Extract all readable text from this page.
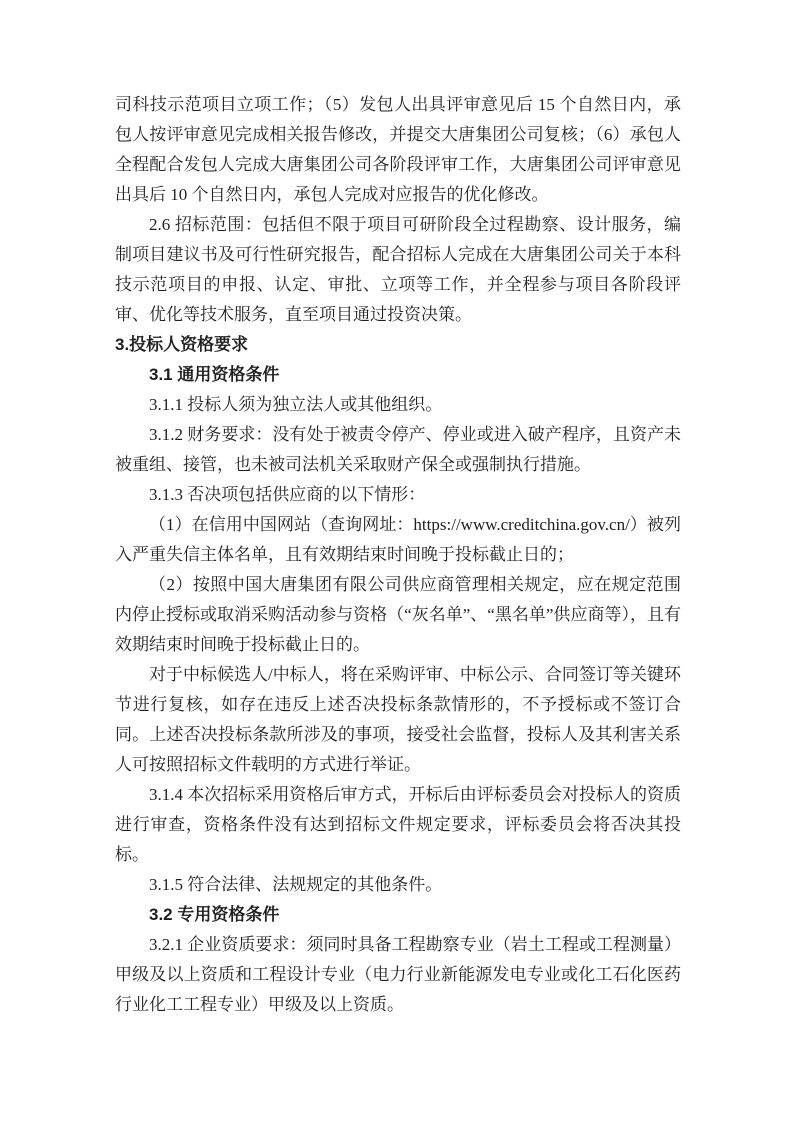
司科技示范项目立项工作；（5）发包人出具评审意见后 15 个自然日内，承包人按评审意见完成相关报告修改，并提交大唐集团公司复核；（6）承包人全程配合发包人完成大唐集团公司各阶段评审工作，大唐集团公司评审意见出具后 10 个自然日内，承包人完成对应报告的优化修改。

2.6 招标范围：包括但不限于项目可研阶段全过程勘察、设计服务，编制项目建议书及可行性研究报告，配合招标人完成在大唐集团公司关于本科技示范项目的申报、认定、审批、立项等工作，并全程参与项目各阶段评审、优化等技术服务，直至项目通过投资决策。

3.投标人资格要求

3.1 通用资格条件

3.1.1 投标人须为独立法人或其他组织。

3.1.2 财务要求：没有处于被责令停产、停业或进入破产程序，且资产未被重组、接管，也未被司法机关采取财产保全或强制执行措施。

3.1.3 否决项包括供应商的以下情形：

（1）在信用中国网站（查询网址：https://www.creditchina.gov.cn/）被列入严重失信主体名单，且有效期结束时间晚于投标截止日的；

（2）按照中国大唐集团有限公司供应商管理相关规定，应在规定范围内停止授标或取消采购活动参与资格（“灰名单”、“黑名单”供应商等），且有效期结束时间晚于投标截止日的。

对于中标候选人/中标人，将在采购评审、中标公示、合同签订等关键环节进行复核，如存在违反上述否决投标条款情形的，不予授标或不签订合同。上述否决投标条款所涉及的事项，接受社会监督，投标人及其利害关系人可按照招标文件载明的方式进行举证。

3.1.4 本次招标采用资格后审方式，开标后由评标委员会对投标人的资质进行审查，资格条件没有达到招标文件规定要求，评标委员会将否决其投标。

3.1.5 符合法律、法规规定的其他条件。

3.2 专用资格条件

3.2.1 企业资质要求：须同时具备工程勘察专业（岩土工程或工程测量）甲级及以上资质和工程设计专业（电力行业新能源发电专业或化工石化医药行业化工工程专业）甲级及以上资质。
